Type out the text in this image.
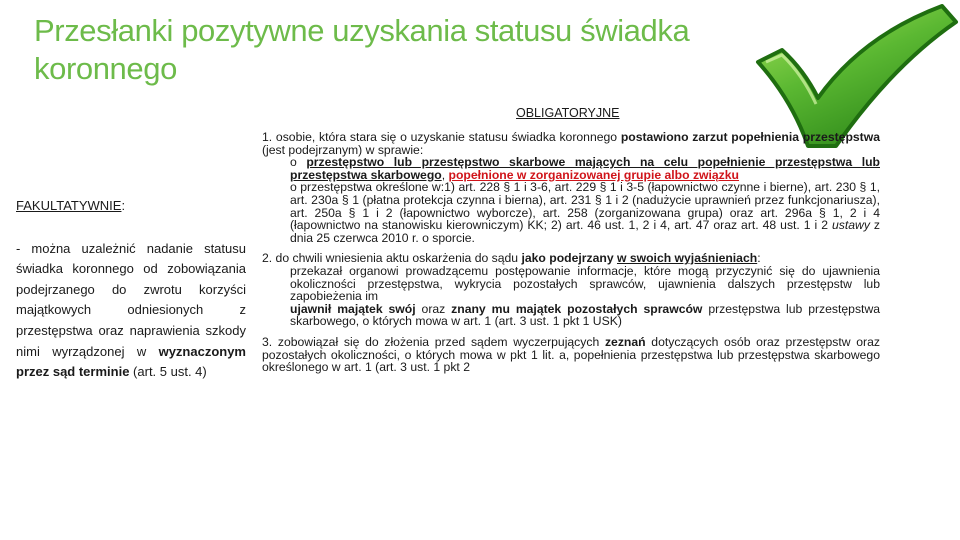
Przesłanki pozytywne uzyskania statusu świadka koronnego
OBLIGATORYJNE

FAKULTATYWNIE:

- można uzależnić nadanie statusu świadka koronnego od zobowiązania podejrzanego do zwrotu korzyści majątkowych odniesionych z przestępstwa oraz naprawienia szkody nimi wyrządzonej w wyznaczonym przez sąd terminie (art. 5 ust. 4)

1. osobie, która stara się o uzyskanie statusu świadka koronnego postawiono zarzut popełnienia przestępstwa (jest podejrzanym) w sprawie:

o przestępstwo lub przestępstwo skarbowe mających na celu popełnienie przestępstwa lub przestępstwa skarbowego, popełnione w zorganizowanej grupie albo związku

o przestępstwa określone w:1) art. 228 § 1 i 3-6, art. 229 § 1 i 3-5 (łapownictwo czynne i bierne), art. 230 § 1, art. 230a § 1 (płatna protekcja czynna i bierna), art. 231 § 1 i 2 (nadużycie uprawnień przez funkcjonariusza), art. 250a § 1 i 2 (łapownictwo wyborcze), art. 258 (zorganizowana grupa) oraz art. 296a § 1, 2 i 4 (łapownictwo na stanowisku kierowniczym) KK; 2) art. 46 ust. 1, 2 i 4, art. 47 oraz art. 48 ust. 1 i 2 ustawy z dnia 25 czerwca 2010 r. o sporcie.

2. do chwili wniesienia aktu oskarżenia do sądu jako podejrzany w swoich wyjaśnieniach:

przekazał organowi prowadzącemu postępowanie informacje, które mogą przyczynić się do ujawnienia okoliczności przestępstwa, wykrycia pozostałych sprawców, ujawnienia dalszych przestępstw lub zapobieżenia im

ujawnił majątek swój oraz znany mu majątek pozostałych sprawców przestępstwa lub przestępstwa skarbowego, o których mowa w art. 1 (art. 3 ust. 1 pkt 1 USK)

3. zobowiązał się do złożenia przed sądem wyczerpujących zeznań dotyczących osób oraz przestępstw oraz pozostałych okoliczności, o których mowa w pkt 1 lit. a, popełnienia przestępstwa lub przestępstwa skarbowego określonego w art. 1 (art. 3 ust. 1 pkt 2
